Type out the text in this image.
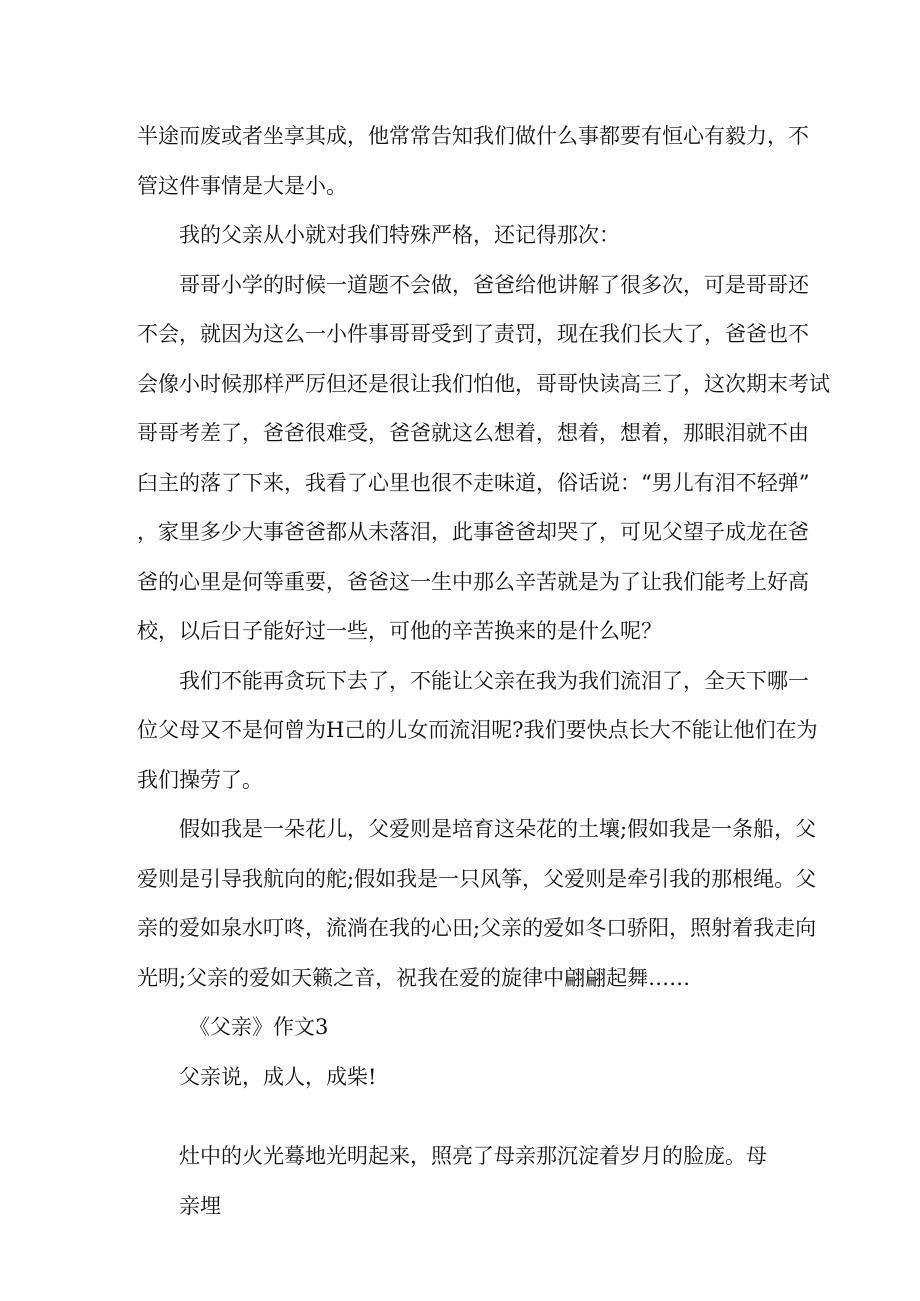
半途而废或者坐享其成，他常常告知我们做什么事都要有恒心有毅力，不
管这件事情是大是小。
我的父亲从小就对我们特殊严格，还记得那次：
哥哥小学的时候一道题不会做，爸爸给他讲解了很多次，可是哥哥还
不会，就因为这么一小件事哥哥受到了责罚，现在我们长大了，爸爸也不
会像小时候那样严厉但还是很让我们怕他，哥哥快读高三了，这次期末考试
哥哥考差了，爸爸很难受，爸爸就这么想着，想着，想着，那眼泪就不由
臼主的落了下来，我看了心里也很不走味道，俗话说：“男儿有泪不轻弹”
，家里多少大事爸爸都从未落泪，此事爸爸却哭了，可见父望子成龙在爸
爸的心里是何等重要，爸爸这一生中那么辛苦就是为了让我们能考上好高
校，以后日子能好过一些，可他的辛苦换来的是什么呢？
我们不能再贪玩下去了，不能让父亲在我为我们流泪了，全天下哪一
位父母又不是何曾为H己的儿女而流泪呢?我们要快点长大不能让他们在为
我们操劳了。
假如我是一朵花儿，父爱则是培育这朵花的土壤;假如我是一条船，父
爱则是引导我航向的舵;假如我是一只风筝，父爱则是牵引我的那根绳。父
亲的爱如泉水叮咚，流淌在我的心田;父亲的爱如冬口骄阳，照射着我走向
光明;父亲的爱如天籁之音，祝我在爱的旋律中翩翩起舞……
《父亲》作文3
父亲说，成人，成柴!
灶中的火光蓦地光明起来，照亮了母亲那沉淀着岁月的脸庞。母亲埋
